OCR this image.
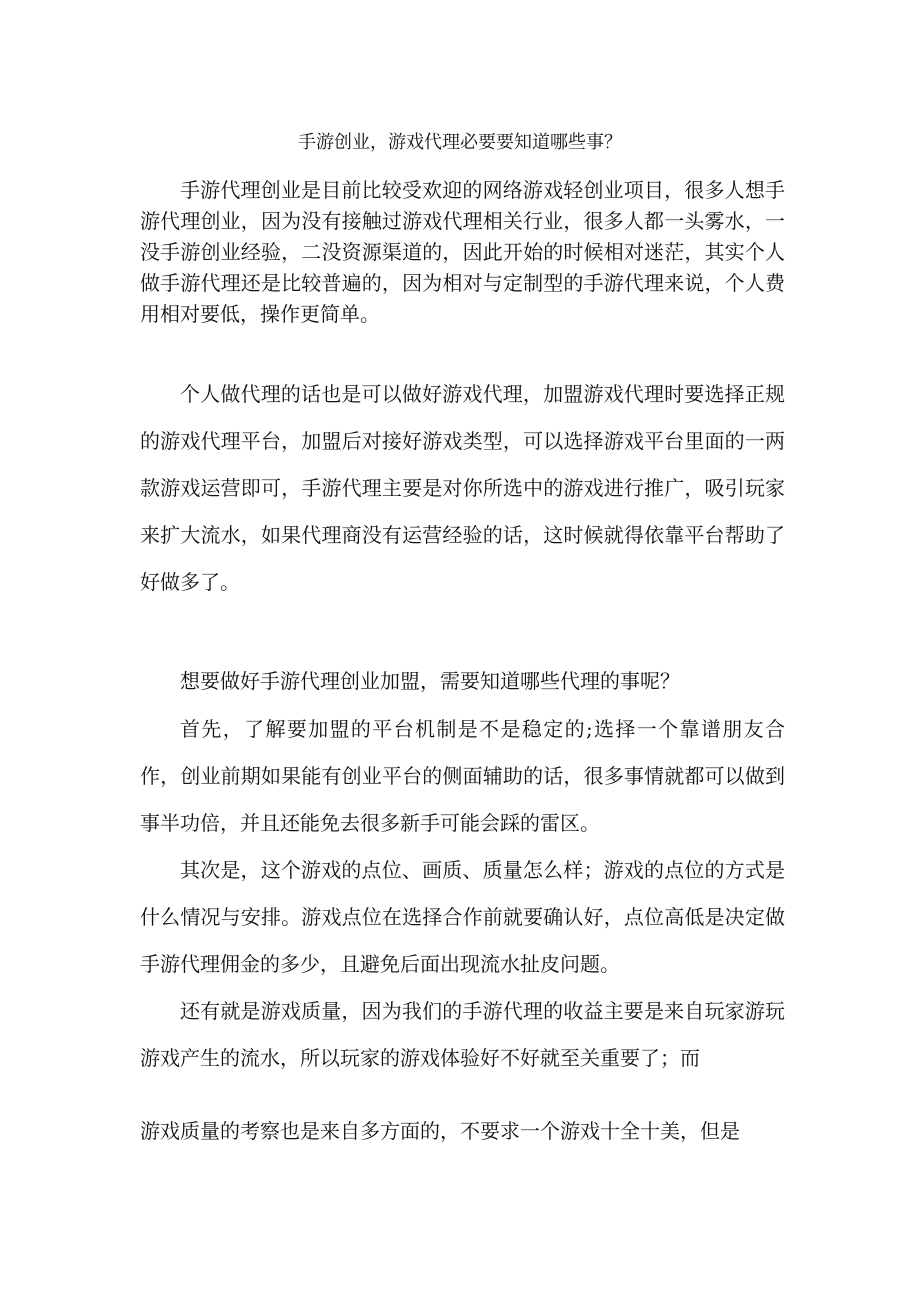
手游创业，游戏代理必要要知道哪些事？

手游代理创业是目前比较受欢迎的网络游戏轻创业项目，很多人想手游代理创业，因为没有接触过游戏代理相关行业，很多人都一头雾水，一没手游创业经验，二没资源渠道的，因此开始的时候相对迷茫，其实个人做手游代理还是比较普遍的，因为相对与定制型的手游代理来说，个人费用相对要低，操作更简单。

个人做代理的话也是可以做好游戏代理，加盟游戏代理时要选择正规的游戏代理平台，加盟后对接好游戏类型，可以选择游戏平台里面的一两款游戏运营即可，手游代理主要是对你所选中的游戏进行推广，吸引玩家来扩大流水，如果代理商没有运营经验的话，这时候就得依靠平台帮助了好做多了。

想要做好手游代理创业加盟，需要知道哪些代理的事呢？

首先，了解要加盟的平台机制是不是稳定的;选择一个靠谱朋友合作，创业前期如果能有创业平台的侧面辅助的话，很多事情就都可以做到事半功倍，并且还能免去很多新手可能会踩的雷区。

其次是，这个游戏的点位、画质、质量怎么样；游戏的点位的方式是什么情况与安排。游戏点位在选择合作前就要确认好，点位高低是决定做手游代理佣金的多少，且避免后面出现流水扯皮问题。

还有就是游戏质量，因为我们的手游代理的收益主要是来自玩家游玩游戏产生的流水，所以玩家的游戏体验好不好就至关重要了；而

游戏质量的考察也是来自多方面的，不要求一个游戏十全十美，但是
